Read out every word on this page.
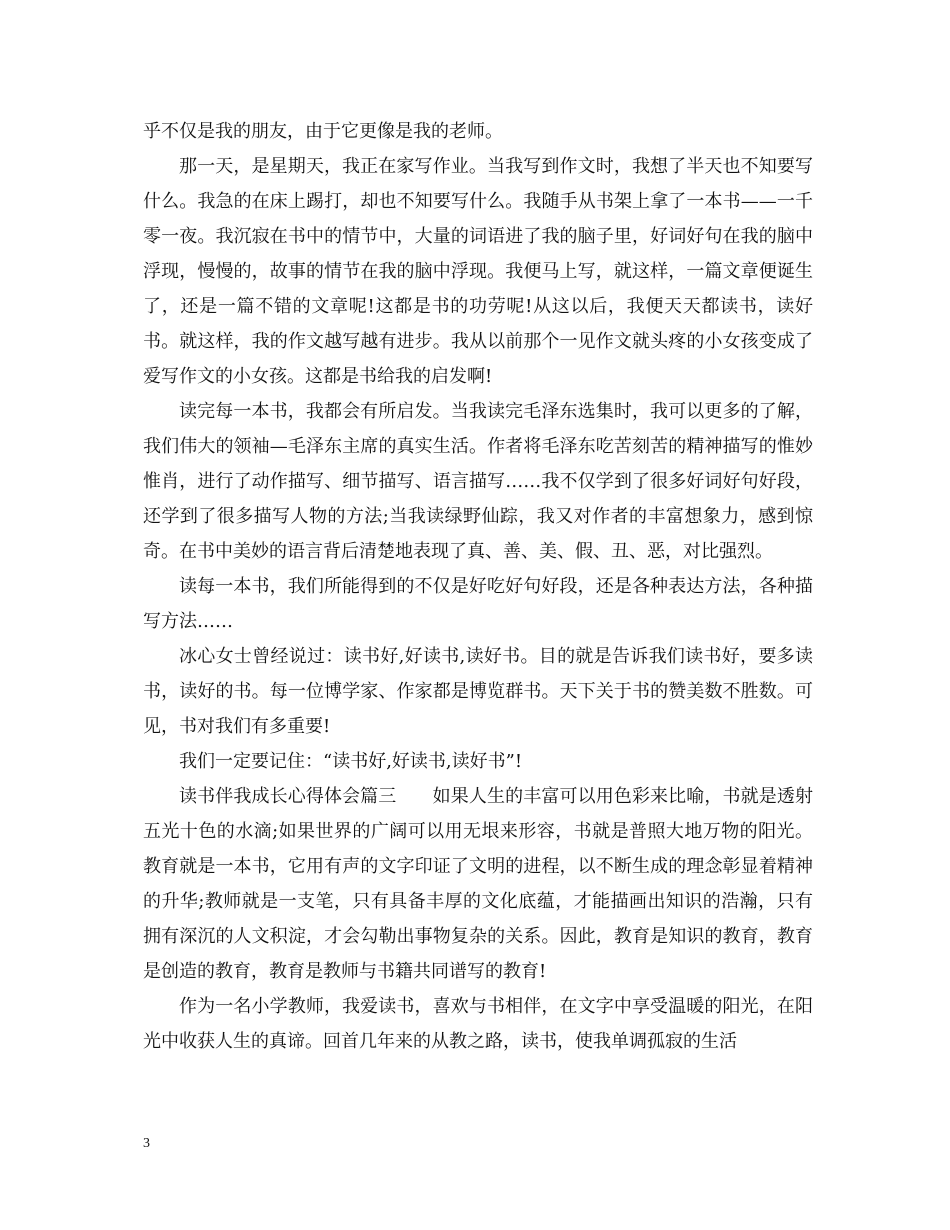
乎不仅是我的朋友，由于它更像是我的老师。

那一天，是星期天，我正在家写作业。当我写到作文时，我想了半天也不知要写什么。我急的在床上踢打，却也不知要写什么。我随手从书架上拿了一本书——一千零一夜。我沉寂在书中的情节中，大量的词语进了我的脑子里，好词好句在我的脑中浮现，慢慢的，故事的情节在我的脑中浮现。我便马上写，就这样，一篇文章便诞生了，还是一篇不错的文章呢!这都是书的功劳呢!从这以后，我便天天都读书，读好书。就这样，我的作文越写越有进步。我从以前那个一见作文就头疼的小女孩变成了爱写作文的小女孩。这都是书给我的启发啊!

读完每一本书，我都会有所启发。当我读完毛泽东选集时，我可以更多的了解，我们伟大的领袖—毛泽东主席的真实生活。作者将毛泽东吃苦刻苦的精神描写的惟妙惟肖，进行了动作描写、细节描写、语言描写……我不仅学到了很多好词好句好段，还学到了很多描写人物的方法;当我读绿野仙踪，我又对作者的丰富想象力，感到惊奇。在书中美妙的语言背后清楚地表现了真、善、美、假、丑、恶，对比强烈。

读每一本书，我们所能得到的不仅是好吃好句好段，还是各种表达方法，各种描写方法……

冰心女士曾经说过：读书好,好读书,读好书。目的就是告诉我们读书好，要多读书，读好的书。每一位博学家、作家都是博览群书。天下关于书的赞美数不胜数。可见，书对我们有多重要!

我们一定要记住：“读书好,好读书,读好书”!

读书伴我成长心得体会篇三　　如果人生的丰富可以用色彩来比喻，书就是透射五光十色的水滴;如果世界的广阔可以用无垠来形容，书就是普照大地万物的阳光。教育就是一本书，它用有声的文字印证了文明的进程，以不断生成的理念彰显着精神的升华;教师就是一支笔，只有具备丰厚的文化底蕴，才能描画出知识的浩瀚，只有拥有深沉的人文积淀，才会勾勒出事物复杂的关系。因此，教育是知识的教育，教育是创造的教育，教育是教师与书籍共同谱写的教育!

作为一名小学教师，我爱读书，喜欢与书相伴，在文字中享受温暖的阳光，在阳光中收获人生的真谛。回首几年来的从教之路，读书，使我单调孤寂的生活

3
